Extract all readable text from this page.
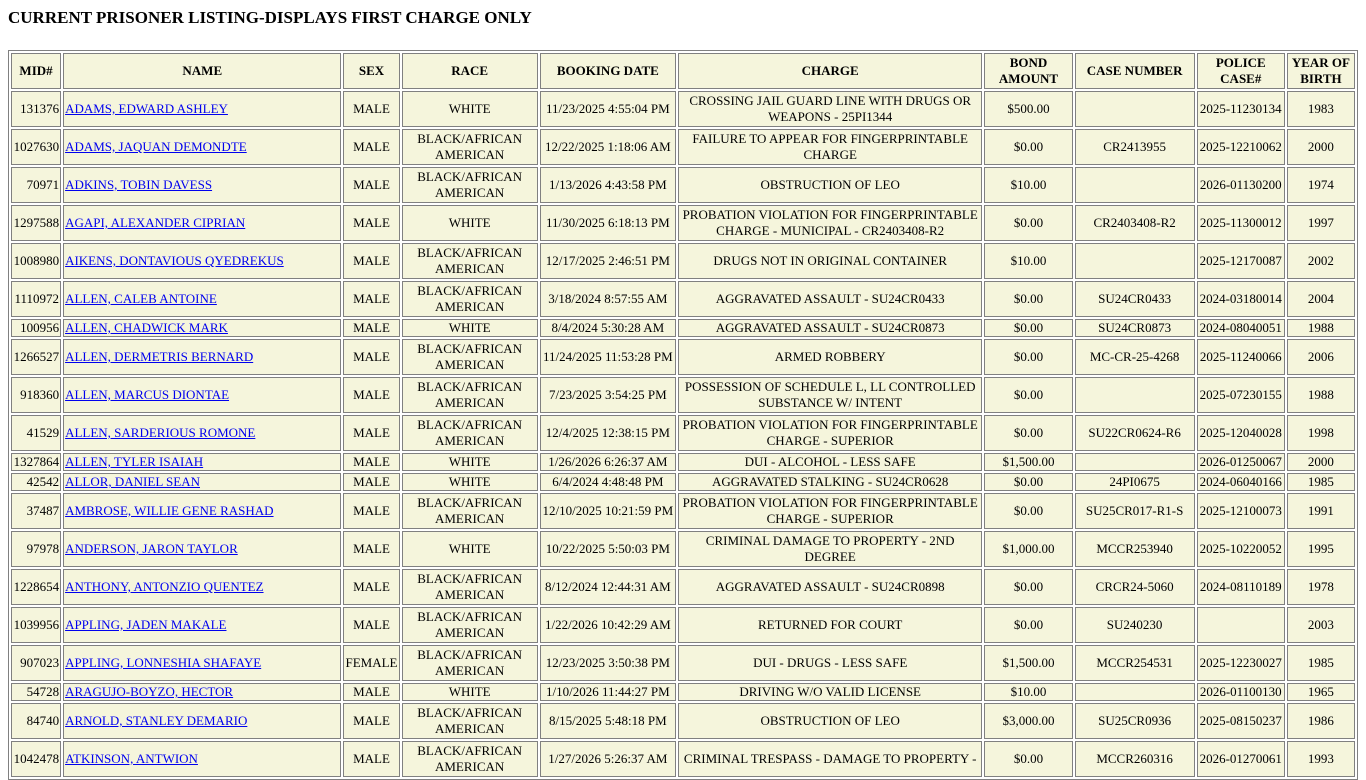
CURRENT PRISONER LISTING-DISPLAYS FIRST CHARGE ONLY
MID#	NAME	SEX	RACE	BOOKING DATE	CHARGE	BOND AMOUNT	CASE NUMBER	POLICE CASE#	YEAR OF BIRTH
131376	ADAMS, EDWARD ASHLEY	MALE	WHITE	11/23/2025 4:55:04 PM	CROSSING JAIL GUARD LINE WITH DRUGS OR WEAPONS - 25PI1344	$500.00		2025-11230134	1983
1027630	ADAMS, JAQUAN DEMONDTE	MALE	BLACK/AFRICAN AMERICAN	12/22/2025 1:18:06 AM	FAILURE TO APPEAR FOR FINGERPRINTABLE CHARGE	$0.00	CR2413955	2025-12210062	2000
70971	ADKINS, TOBIN DAVESS	MALE	BLACK/AFRICAN AMERICAN	1/13/2026 4:43:58 PM	OBSTRUCTION OF LEO	$10.00		2026-01130200	1974
1297588	AGAPI, ALEXANDER CIPRIAN	MALE	WHITE	11/30/2025 6:18:13 PM	PROBATION VIOLATION FOR FINGERPRINTABLE CHARGE - MUNICIPAL - CR2403408-R2	$0.00	CR2403408-R2	2025-11300012	1997
1008980	AIKENS, DONTAVIOUS QYEDREKUS	MALE	BLACK/AFRICAN AMERICAN	12/17/2025 2:46:51 PM	DRUGS NOT IN ORIGINAL CONTAINER	$10.00		2025-12170087	2002
1110972	ALLEN, CALEB ANTOINE	MALE	BLACK/AFRICAN AMERICAN	3/18/2024 8:57:55 AM	AGGRAVATED ASSAULT - SU24CR0433	$0.00	SU24CR0433	2024-03180014	2004
100956	ALLEN, CHADWICK MARK	MALE	WHITE	8/4/2024 5:30:28 AM	AGGRAVATED ASSAULT - SU24CR0873	$0.00	SU24CR0873	2024-08040051	1988
1266527	ALLEN, DERMETRIS BERNARD	MALE	BLACK/AFRICAN AMERICAN	11/24/2025 11:53:28 PM	ARMED ROBBERY	$0.00	MC-CR-25-4268	2025-11240066	2006
918360	ALLEN, MARCUS DIONTAE	MALE	BLACK/AFRICAN AMERICAN	7/23/2025 3:54:25 PM	POSSESSION OF SCHEDULE L, LL CONTROLLED SUBSTANCE W/ INTENT	$0.00		2025-07230155	1988
41529	ALLEN, SARDERIOUS ROMONE	MALE	BLACK/AFRICAN AMERICAN	12/4/2025 12:38:15 PM	PROBATION VIOLATION FOR FINGERPRINTABLE CHARGE - SUPERIOR	$0.00	SU22CR0624-R6	2025-12040028	1998
1327864	ALLEN, TYLER ISAIAH	MALE	WHITE	1/26/2026 6:26:37 AM	DUI - ALCOHOL - LESS SAFE	$1,500.00		2026-01250067	2000
42542	ALLOR, DANIEL SEAN	MALE	WHITE	6/4/2024 4:48:48 PM	AGGRAVATED STALKING - SU24CR0628	$0.00	24PI0675	2024-06040166	1985
37487	AMBROSE, WILLIE GENE RASHAD	MALE	BLACK/AFRICAN AMERICAN	12/10/2025 10:21:59 PM	PROBATION VIOLATION FOR FINGERPRINTABLE CHARGE - SUPERIOR	$0.00	SU25CR017-R1-S	2025-12100073	1991
97978	ANDERSON, JARON TAYLOR	MALE	WHITE	10/22/2025 5:50:03 PM	CRIMINAL DAMAGE TO PROPERTY - 2ND DEGREE	$1,000.00	MCCR253940	2025-10220052	1995
1228654	ANTHONY, ANTONZIO QUENTEZ	MALE	BLACK/AFRICAN AMERICAN	8/12/2024 12:44:31 AM	AGGRAVATED ASSAULT - SU24CR0898	$0.00	CRCR24-5060	2024-08110189	1978
1039956	APPLING, JADEN MAKALE	MALE	BLACK/AFRICAN AMERICAN	1/22/2026 10:42:29 AM	RETURNED FOR COURT	$0.00	SU240230		2003
907023	APPLING, LONNESHIA SHAFAYE	FEMALE	BLACK/AFRICAN AMERICAN	12/23/2025 3:50:38 PM	DUI - DRUGS - LESS SAFE	$1,500.00	MCCR254531	2025-12230027	1985
54728	ARAGUJO-BOYZO, HECTOR	MALE	WHITE	1/10/2026 11:44:27 PM	DRIVING W/O VALID LICENSE	$10.00		2026-01100130	1965
84740	ARNOLD, STANLEY DEMARIO	MALE	BLACK/AFRICAN AMERICAN	8/15/2025 5:48:18 PM	OBSTRUCTION OF LEO	$3,000.00	SU25CR0936	2025-08150237	1986
1042478	ATKINSON, ANTWION	MALE	BLACK/AFRICAN AMERICAN	1/27/2026 5:26:37 AM	CRIMINAL TRESPASS - DAMAGE TO PROPERTY -	$0.00	MCCR260316	2026-01270061	1993
